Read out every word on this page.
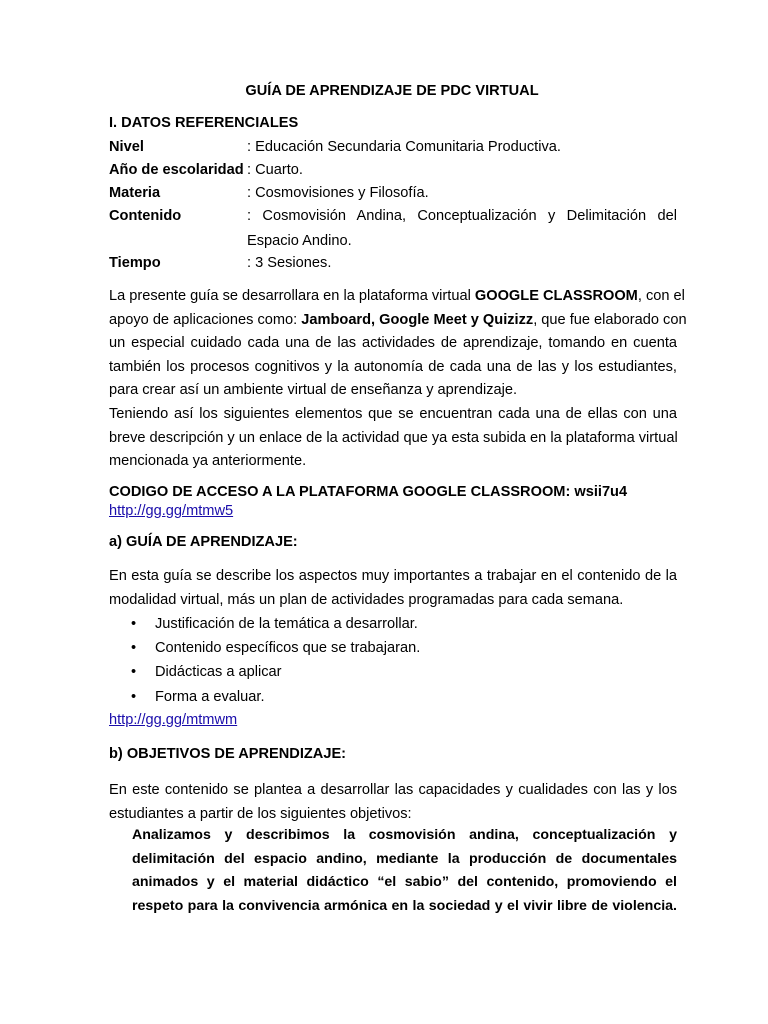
GUÍA DE APRENDIZAJE DE PDC VIRTUAL
I. DATOS REFERENCIALES
Nivel	: Educación Secundaria Comunitaria Productiva.
Año de escolaridad : Cuarto.
Materia	: Cosmovisiones y Filosofía.
Contenido	: Cosmovisión Andina, Conceptualización y Delimitación del
Espacio Andino.
Tiempo	: 3 Sesiones.
La presente guía se desarrollara en la plataforma virtual GOOGLE CLASSROOM, con el
apoyo de aplicaciones como: Jamboard, Google Meet y Quizizz, que fue elaborado con
un especial cuidado cada una de las actividades de aprendizaje, tomando en cuenta
también los procesos cognitivos y la autonomía de cada una de las y los estudiantes,
para crear así un ambiente virtual de enseñanza y aprendizaje.
Teniendo así los siguientes elementos que se encuentran cada una de ellas con una
breve descripción y un enlace de la actividad que ya esta subida en la plataforma virtual
mencionada ya anteriormente.
CODIGO DE ACCESO A LA PLATAFORMA GOOGLE CLASSROOM: wsii7u4
http://gg.gg/mtmw5
a) GUÍA DE APRENDIZAJE:
En esta guía se describe los aspectos muy importantes a trabajar en el contenido de la
modalidad virtual, más un plan de actividades programadas para cada semana.
• Justificación de la temática a desarrollar.
• Contenido específicos que se trabajaran.
• Didácticas a aplicar
• Forma a evaluar.
http://gg.gg/mtmwm
b) OBJETIVOS DE APRENDIZAJE:
En este contenido se plantea a desarrollar las capacidades y cualidades con las y los
estudiantes a partir de los siguientes objetivos:
Analizamos y describimos la cosmovisión andina, conceptualización y
delimitación del espacio andino, mediante la producción de documentales
animados y el material didáctico “el sabio” del contenido, promoviendo el
respeto para la convivencia armónica en la sociedad y el vivir libre de violencia.
